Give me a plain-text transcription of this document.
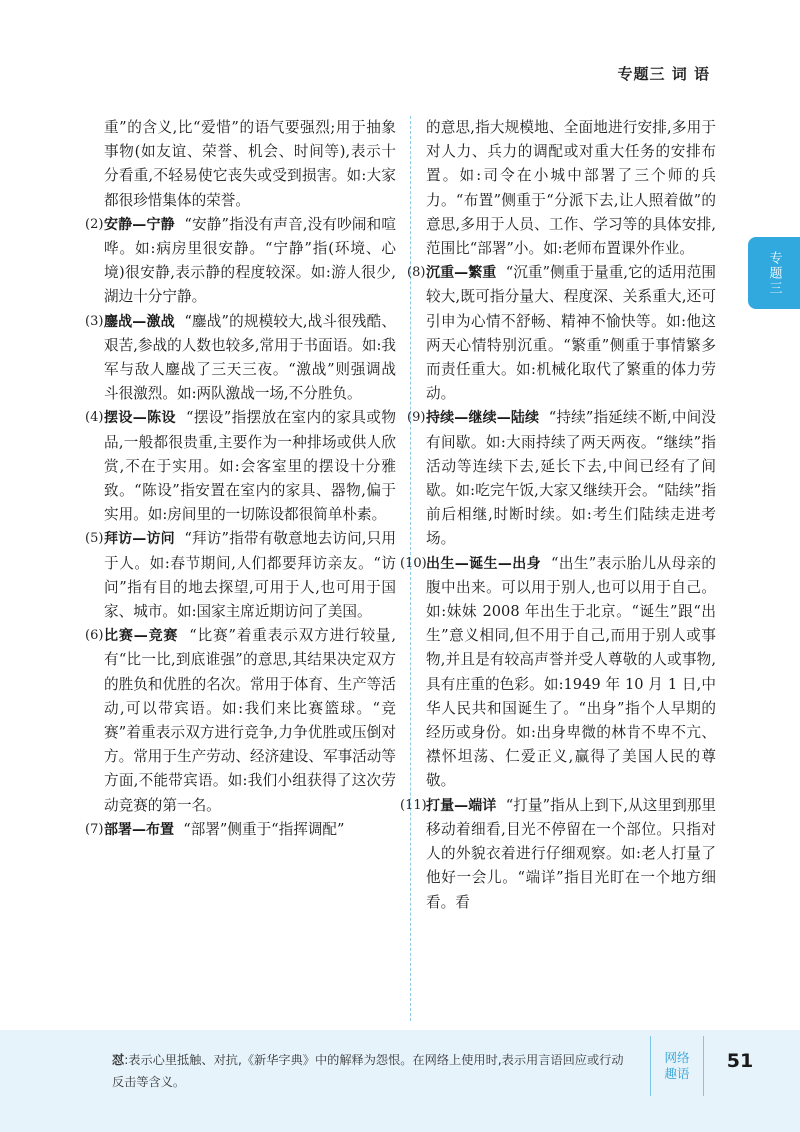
专题三 词 语

重”的含义,比“爱惜”的语气要强烈;用于抽象事物(如友谊、荣誉、机会、时间等),表示十分看重,不轻易使它丧失或受到损害。如:大家都很珍惜集体的荣誉。

(2) 安静—宁静 “安静”指没有声音,没有吵闹和喧哗。如:病房里很安静。“宁静”指(环境、心境)很安静,表示静的程度较深。如:游人很少,湖边十分宁静。

(3) 鏖战—激战 “鏖战”的规模较大,战斗很残酷、艰苦,参战的人数也较多,常用于书面语。如:我军与敌人鏖战了三天三夜。“激战”则强调战斗很激烈。如:两队激战一场,不分胜负。

(4) 摆设—陈设 “摆设”指摆放在室内的家具或物品,一般都很贵重,主要作为一种排场或供人欣赏,不在于实用。如:会客室里的摆设十分雅致。“陈设”指安置在室内的家具、器物,偏于实用。如:房间里的一切陈设都很简单朴素。

(5) 拜访—访问 “拜访”指带有敬意地去访问,只用于人。如:春节期间,人们都要拜访亲友。“访问”指有目的地去探望,可用于人,也可用于国家、城市。如:国家主席近期访问了美国。

(6) 比赛—竞赛 “比赛”着重表示双方进行较量,有“比一比,到底谁强”的意思,其结果决定双方的胜负和优胜的名次。常用于体育、生产等活动,可以带宾语。如:我们来比赛篮球。“竞赛”着重表示双方进行竞争,力争优胜或压倒对方。常用于生产劳动、经济建设、军事活动等方面,不能带宾语。如:我们小组获得了这次劳动竞赛的第一名。

(7) 部署—布置 “部署”侧重于“指挥调配”

的意思,指大规模地、全面地进行安排,多用于对人力、兵力的调配或对重大任务的安排布置。如:司令在小城中部署了三个师的兵力。“布置”侧重于“分派下去,让人照着做”的意思,多用于人员、工作、学习等的具体安排,范围比“部署”小。如:老师布置课外作业。

(8) 沉重—繁重 “沉重”侧重于量重,它的适用范围较大,既可指分量大、程度深、关系重大,还可引申为心情不舒畅、精神不愉快等。如:他这两天心情特别沉重。“繁重”侧重于事情繁多而责任重大。如:机械化取代了繁重的体力劳动。

(9) 持续—继续—陆续 “持续”指延续不断,中间没有间歇。如:大雨持续了两天两夜。“继续”指活动等连续下去,延长下去,中间已经有了间歇。如:吃完午饭,大家又继续开会。“陆续”指前后相继,时断时续。如:考生们陆续走进考场。

(10) 出生—诞生—出身 “出生”表示胎儿从母亲的腹中出来。可以用于别人,也可以用于自己。如:妹妹 2008 年出生于北京。“诞生”跟“出生”意义相同,但不用于自己,而用于别人或事物,并且是有较高声誉并受人尊敬的人或事物,具有庄重的色彩。如:1949 年 10 月 1 日,中华人民共和国诞生了。“出身”指个人早期的经历或身份。如:出身卑微的林肯不卑不亢、襟怀坦荡、仁爱正义,赢得了美国人民的尊敬。

(11) 打量—端详 “打量”指从上到下,从这里到那里移动着细看,目光不停留在一个部位。只指对人的外貌衣着进行仔细观察。如:老人打量了他好一会儿。“端详”指目光盯在一个地方细看。看

专题三
怼:表示心里抵触、对抗,《新华字典》中的解释为怨恨。在网络上使用时,表示用言语回应或行动反击等含义。
网络
趣语
51
